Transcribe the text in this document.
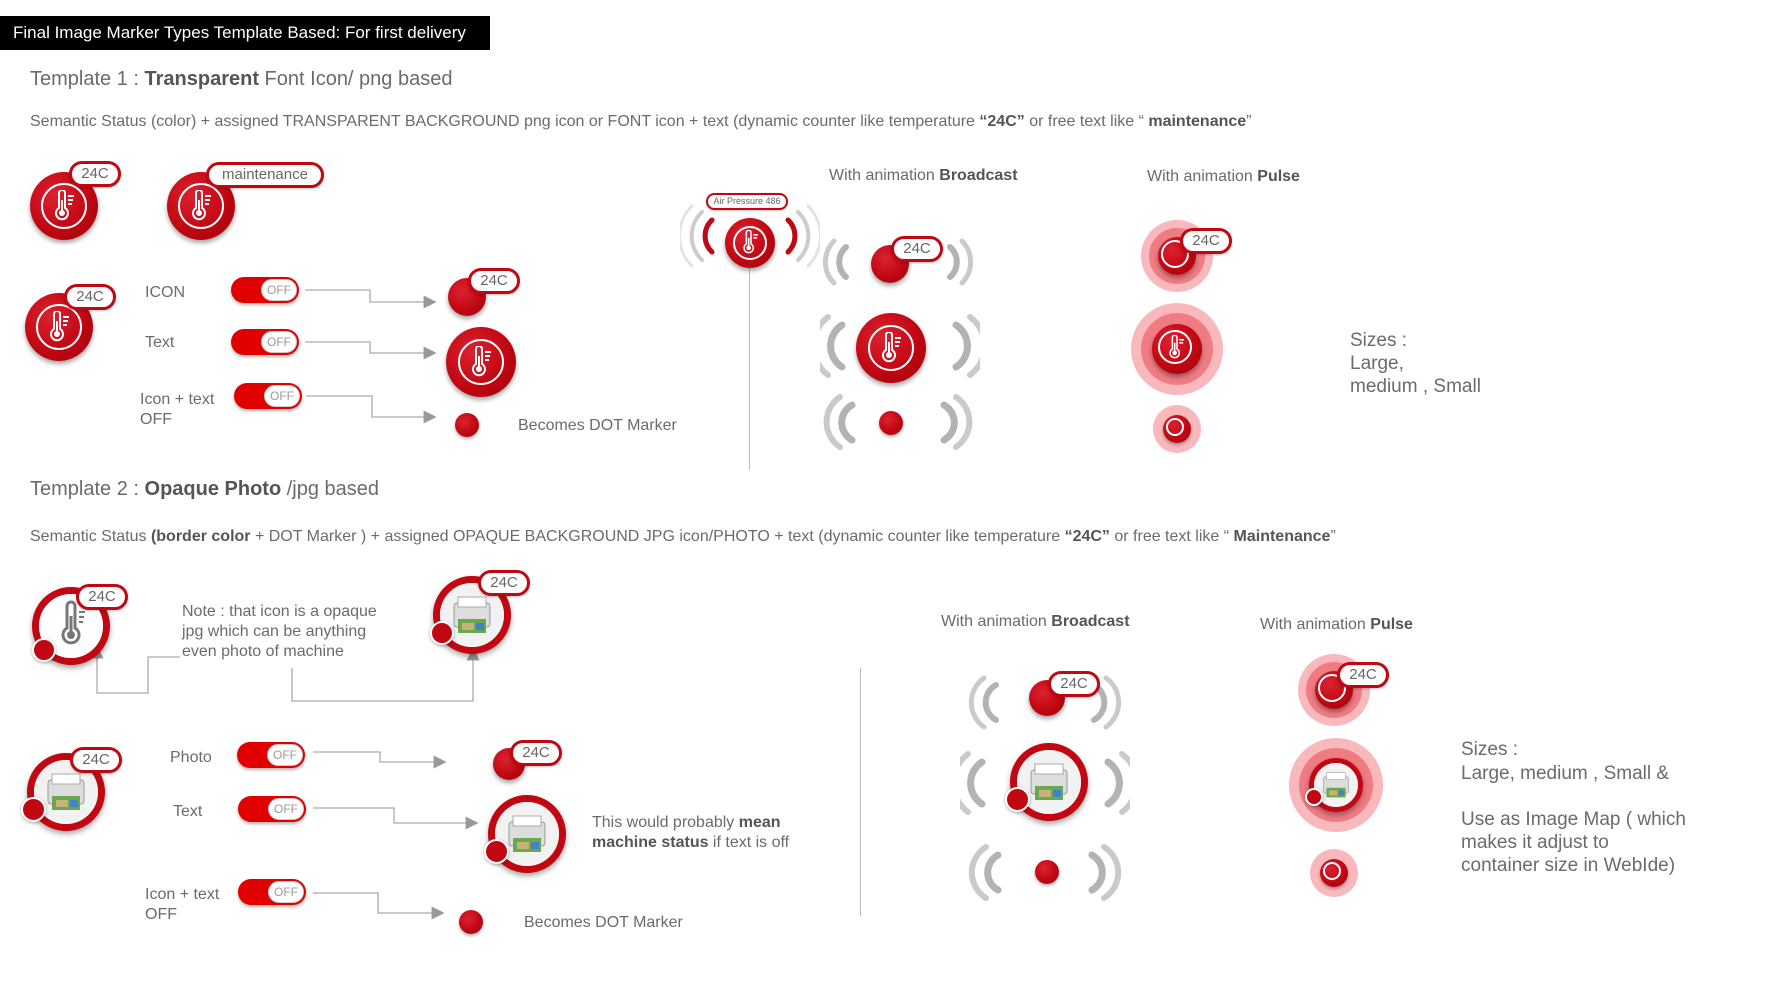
Final Image Marker Types Template Based: For first delivery
Template 1 : Transparent Font Icon/ png based
Semantic Status (color) + assigned TRANSPARENT BACKGROUND png icon or FONT icon + text (dynamic counter like temperature “24C” or free text like “ maintenance”
24C	maintenance
24C	ICON	OFF
Text	OFF
Icon + text
OFF
OFF
24C
Becomes DOT Marker
Air Pressure 486
With animation Broadcast
24C
With animation Pulse
24C
Sizes :
Large,
medium , Small
Template 2 : Opaque Photo /jpg based
Semantic Status (border color + DOT Marker ) + assigned OPAQUE BACKGROUND JPG icon/PHOTO + text (dynamic counter like temperature “24C” or free text like “ Maintenance”
24C
Note : that icon is a opaque
jpg which can be anything
even photo of machine
24C
24C	Photo	OFF
Text	OFF
Icon + text
OFF
OFF
24C
This would probably mean
machine status if text is off
Becomes DOT Marker
With animation Broadcast
24C
With animation Pulse
24C
Sizes :
Large, medium , Small &
Use as Image Map ( which
makes it adjust to
container size in WebIde)
